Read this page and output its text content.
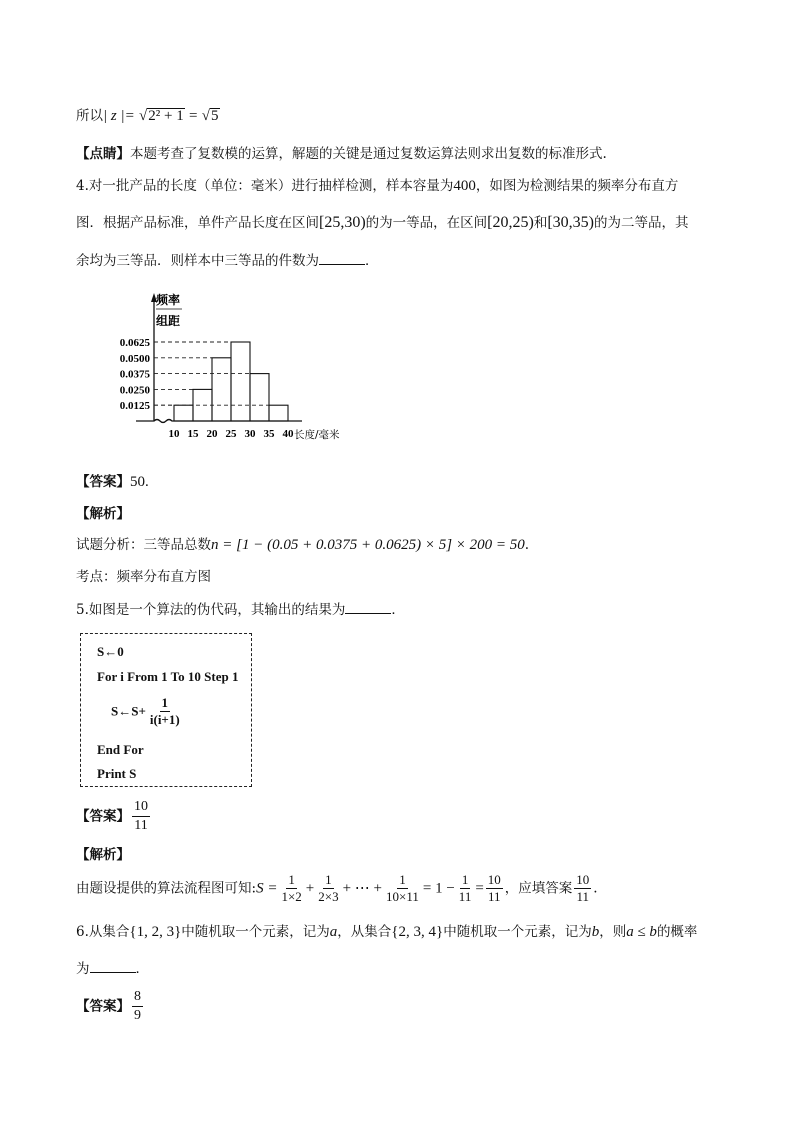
所以| z |= √2² + 1 = √5
【点睛】本题考查了复数模的运算，解题的关键是通过复数运算法则求出复数的标准形式.
4.对一批产品的长度（单位：毫米）进行抽样检测，样本容量为400，如图为检测结果的频率分布直方
图．根据产品标准，单件产品长度在区间[25,30)的为一等品，在区间[20,25)和[30,35)的为二等品，其
余均为三等品．则样本中三等品的件数为	．
频率
组距
0.0625
0.0500
0.0375
0.0250
0.0125
10 15 20 25 30 35 40 长度/毫米
【答案】50.
【解析】
试题分析：三等品总数n = [1 − (0.05 + 0.0375 + 0.0625) × 5] × 200 = 50.
考点：频率分布直方图
5.如图是一个算法的伪代码，其输出的结果为	．
S←0
For i From 1 To 10 Step 1
S←S+ $\frac{1}{i(i+1)}$
End For
Print S
【答案】 $\frac{10}{11}$
【解析】
由题设提供的算法流程图可知:S = $\frac{1}{1\times 2} + \frac{1}{2\times 3}$ + ⋯ + $\frac{1}{10\times 11} = 1 - \frac{1}{11} = \frac{10}{11}$ ，应填答案 $\frac{10}{11}$ .
6.从集合{1, 2, 3}中随机取一个元素，记为a，从集合{2, 3, 4}中随机取一个元素，记为b，则a ≤ b的概率
为	．
【答案】 $\frac{8}{9}$
